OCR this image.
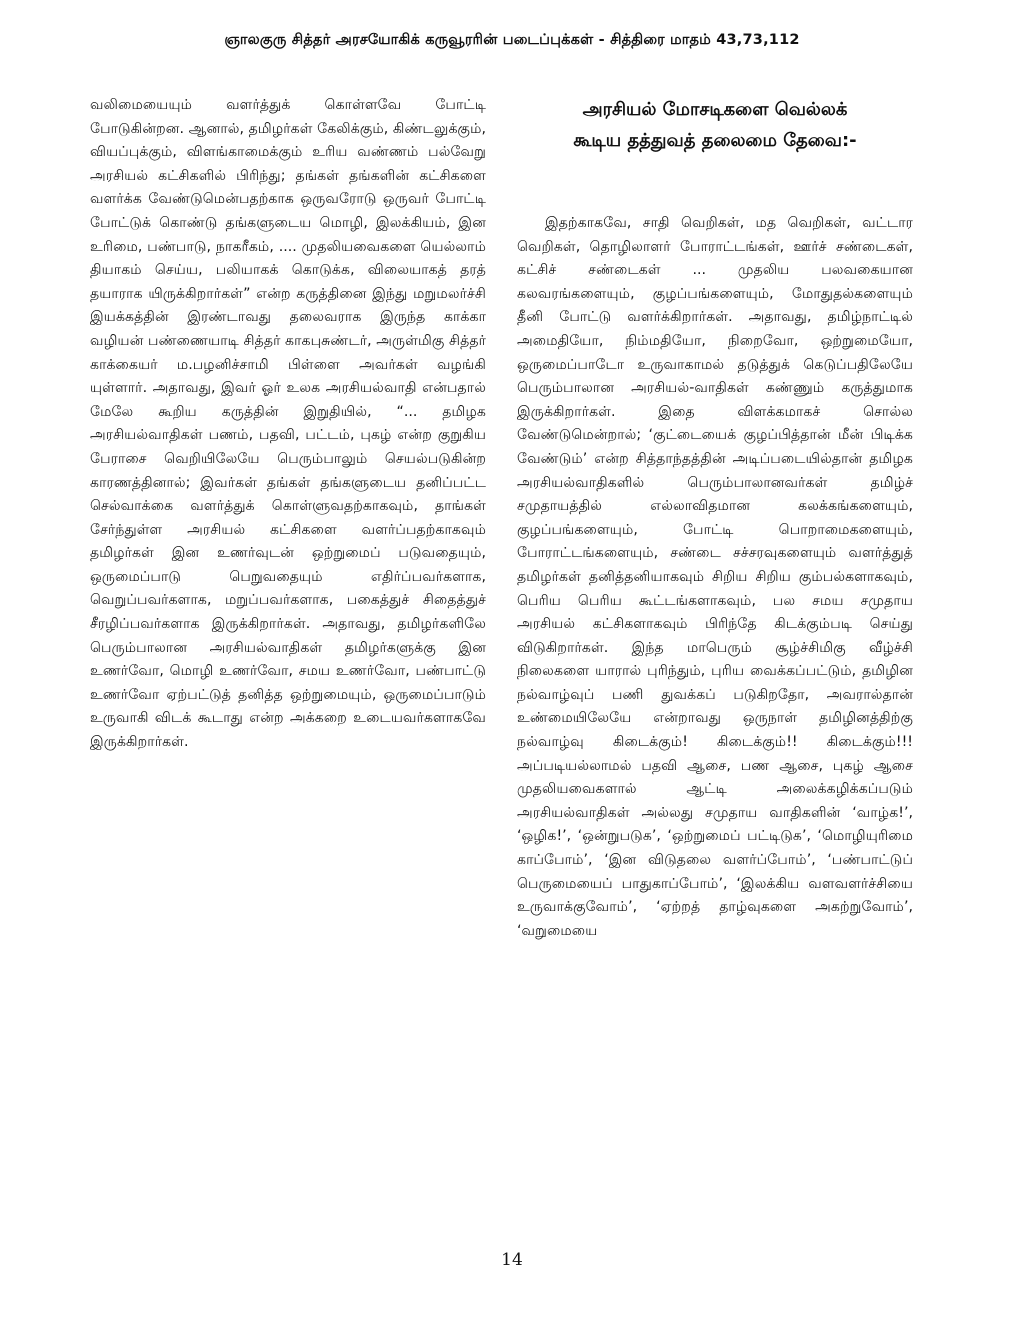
ஞாலகுரு சித்தர் அரசயோகிக் கருவூரரின் படைப்புக்கள் - சித்திரை மாதம் 43,73,112

வலிமையையும் வளர்த்துக் கொள்ளவே போட்டி போடுகின்றன. ஆனால், தமிழர்கள் கேலிக்கும், கிண்டலுக்கும், வியப்புக்கும், விளங்காமைக்கும் உரிய வண்ணம் பல்வேறு அரசியல் கட்சிகளில் பிரிந்து; தங்கள் தங்களின் கட்சிகளை வளர்க்க வேண்டுமென்பதற்காக ஒருவரோடு ஒருவர் போட்டி போட்டுக் கொண்டு தங்களுடைய மொழி, இலக்கியம், இன உரிமை, பண்பாடு, நாகரீகம், .... முதலியவைகளை யெல்லாம் தியாகம் செய்ய, பலியாகக் கொடுக்க, விலையாகத் தரத் தயாராக யிருக்கிறார்கள்” என்ற கருத்தினை இந்து மறுமலர்ச்சி இயக்கத்தின் இரண்டாவது தலைவராக இருந்த காக்கா வழியன் பண்ணையாடி சித்தர் காகபுசுண்டர், அருள்மிகு சித்தர் காக்கையர் ம.பழனிச்சாமி பிள்ளை அவர்கள் வழங்கி யுள்ளார். அதாவது, இவர் ஓர் உலக அரசியல்வாதி என்பதால் மேலே கூறிய கருத்தின் இறுதியில், “... தமிழக அரசியல்வாதிகள் பணம், பதவி, பட்டம், புகழ் என்ற குறுகிய பேராசை வெறியிலேயே பெரும்பாலும் செயல்படுகின்ற காரணத்தினால்; இவர்கள் தங்கள் தங்களுடைய தனிப்பட்ட செல்வாக்கை வளர்த்துக் கொள்ளுவதற்காகவும், தாங்கள் சேர்ந்துள்ள அரசியல் கட்சிகளை வளர்ப்பதற்காகவும் தமிழர்கள் இன உணர்வுடன் ஒற்றுமைப் படுவதையும், ஒருமைப்பாடு பெறுவதையும் எதிர்ப்பவர்களாக, வெறுப்பவர்களாக, மறுப்பவர்களாக, பகைத்துச் சிதைத்துச் சீரழிப்பவர்களாக இருக்கிறார்கள். அதாவது, தமிழர்களிலே பெரும்பாலான அரசியல்வாதிகள் தமிழர்களுக்கு இன உணர்வோ, மொழி உணர்வோ, சமய உணர்வோ, பண்பாட்டு உணர்வோ ஏற்பட்டுத் தனித்த ஒற்றுமையும், ஒருமைப்பாடும் உருவாகி விடக் கூடாது என்ற அக்கறை உடையவர்களாகவே இருக்கிறார்கள்.

அரசியல் மோசடிகளை வெல்லக்
கூடிய தத்துவத் தலைமை தேவை:-

இதற்காகவே, சாதி வெறிகள், மத வெறிகள், வட்டார வெறிகள், தொழிலாளர் போராட்டங்கள், ஊர்ச் சண்டைகள், கட்சிச் சண்டைகள் ... முதலிய பலவகையான கலவரங்களையும், குழப்பங்களையும், மோதுதல்களையும் தீனி போட்டு வளர்க்கிறார்கள். அதாவது, தமிழ்நாட்டில் அமைதியோ, நிம்மதியோ, நிறைவோ, ஒற்றுமையோ, ஒருமைப்பாடோ உருவாகாமல் தடுத்துக் கெடுப்பதிலேயே பெரும்பாலான அரசியல்-வாதிகள் கண்ணும் கருத்துமாக இருக்கிறார்கள். இதை விளக்கமாகச் சொல்ல வேண்டுமென்றால்; ‘குட்டையைக் குழப்பித்தான் மீன் பிடிக்க வேண்டும்’ என்ற சித்தாந்தத்தின் அடிப்படையில்தான் தமிழக அரசியல்வாதிகளில் பெரும்பாலானவர்கள் தமிழ்ச் சமுதாயத்தில் எல்லாவிதமான கலக்கங்களையும், குழப்பங்களையும், போட்டி பொறாமைகளையும், போராட்டங்களையும், சண்டை சச்சரவுகளையும் வளர்த்துத் தமிழர்கள் தனித்தனியாகவும் சிறிய சிறிய கும்பல்களாகவும், பெரிய பெரிய கூட்டங்களாகவும், பல சமய சமுதாய அரசியல் கட்சிகளாகவும் பிரிந்தே கிடக்கும்படி செய்து விடுகிறார்கள். இந்த மாபெரும் சூழ்ச்சிமிகு வீழ்ச்சி நிலைகளை யாரால் புரிந்தும், புரிய வைக்கப்பட்டும், தமிழின நல்வாழ்வுப் பணி துவக்கப் படுகிறதோ, அவரால்தான் உண்மையிலேயே என்றாவது ஒருநாள் தமிழினத்திற்கு நல்வாழ்வு கிடைக்கும்! கிடைக்கும்!! கிடைக்கும்!!! அப்படியல்லாமல் பதவி ஆசை, பண ஆசை, புகழ் ஆசை முதலியவைகளால் ஆட்டி அலைக்கழிக்கப்படும் அரசியல்வாதிகள் அல்லது சமுதாய வாதிகளின் ‘வாழ்க!’, ‘ஒழிக!’, ‘ஒன்றுபடுக’, ‘ஒற்றுமைப் பட்டிடுக’, ‘மொழியுரிமை காப்போம்’, ‘இன விடுதலை வளர்ப்போம்’, ‘பண்பாட்டுப் பெருமையைப் பாதுகாப்போம்’, ‘இலக்கிய வளவளர்ச்சியை உருவாக்குவோம்’, ‘ஏற்றத் தாழ்வுகளை அகற்றுவோம்’, ‘வறுமையை

14
